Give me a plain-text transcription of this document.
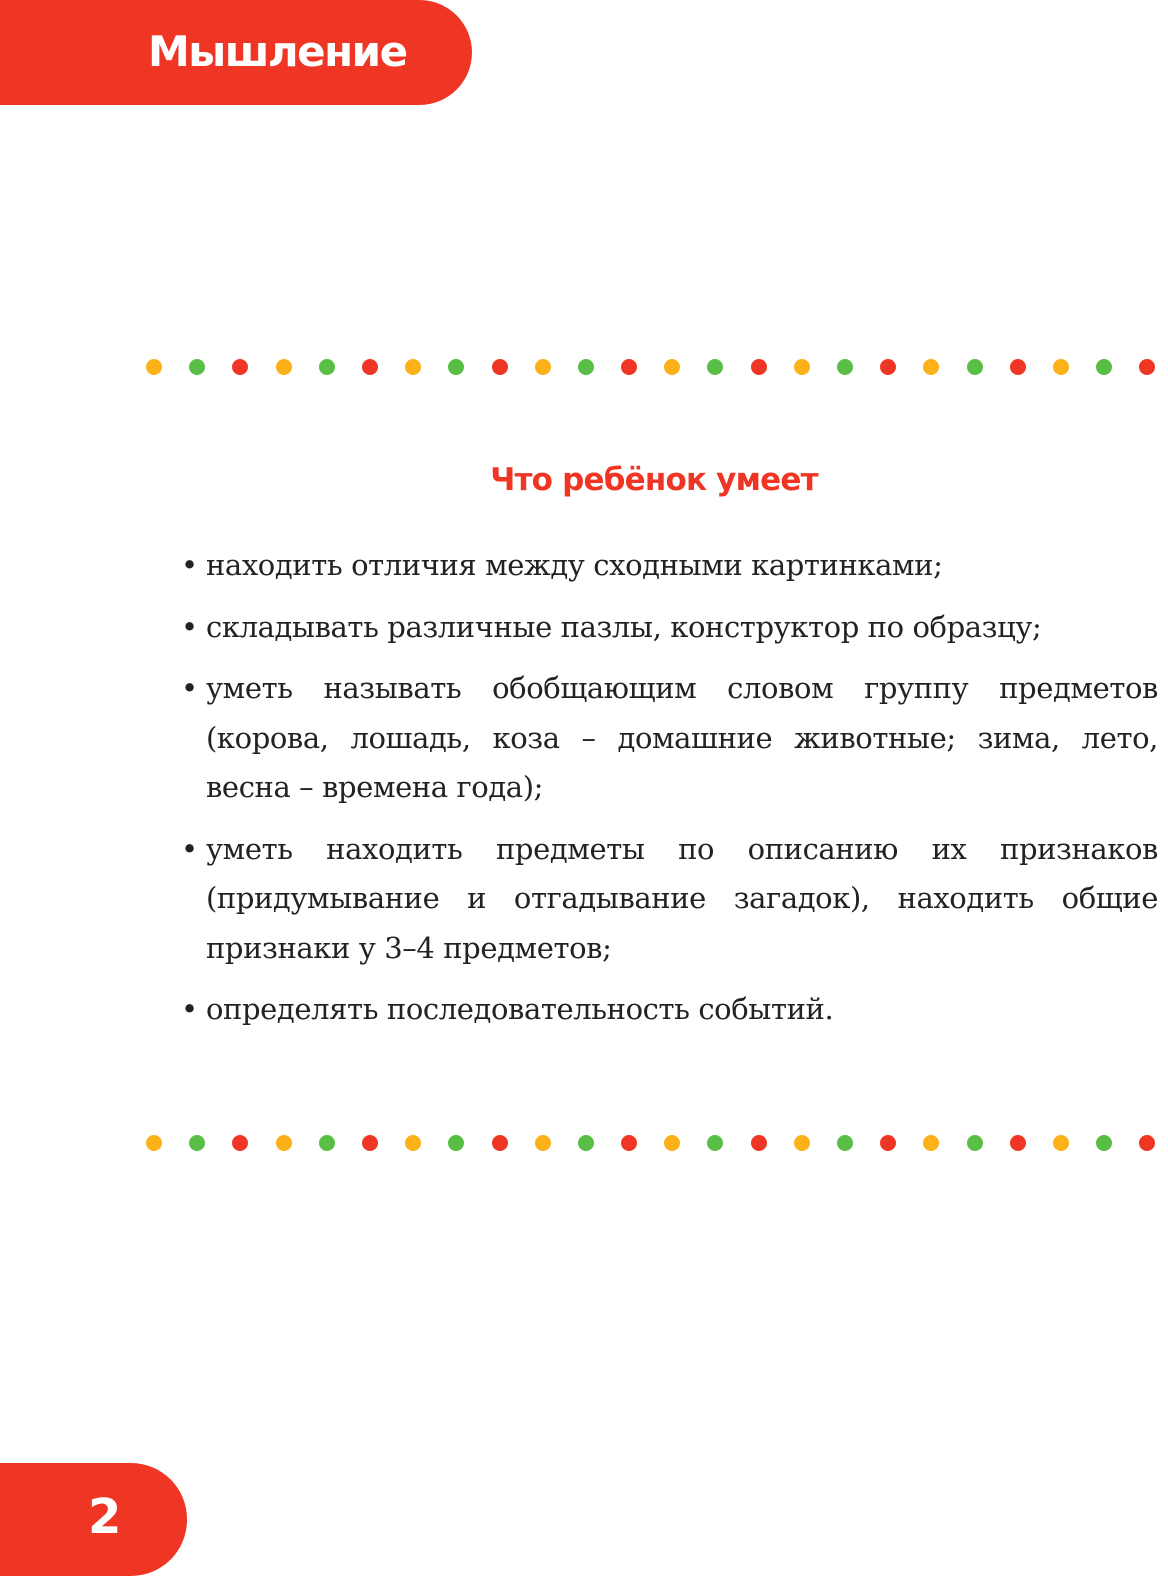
Мышление
Что ребёнок умеет
• находить отличия между сходными картинками;
• складывать различные пазлы, конструктор по образцу;
• уметь называть обобщающим словом группу предметов (корова, лошадь, коза – домашние животные; зима, лето, весна – времена года);
• уметь находить предметы по описанию их признаков (придумывание и отгадывание загадок), находить общие признаки у 3–4 предметов;
• определять последовательность событий.
2
